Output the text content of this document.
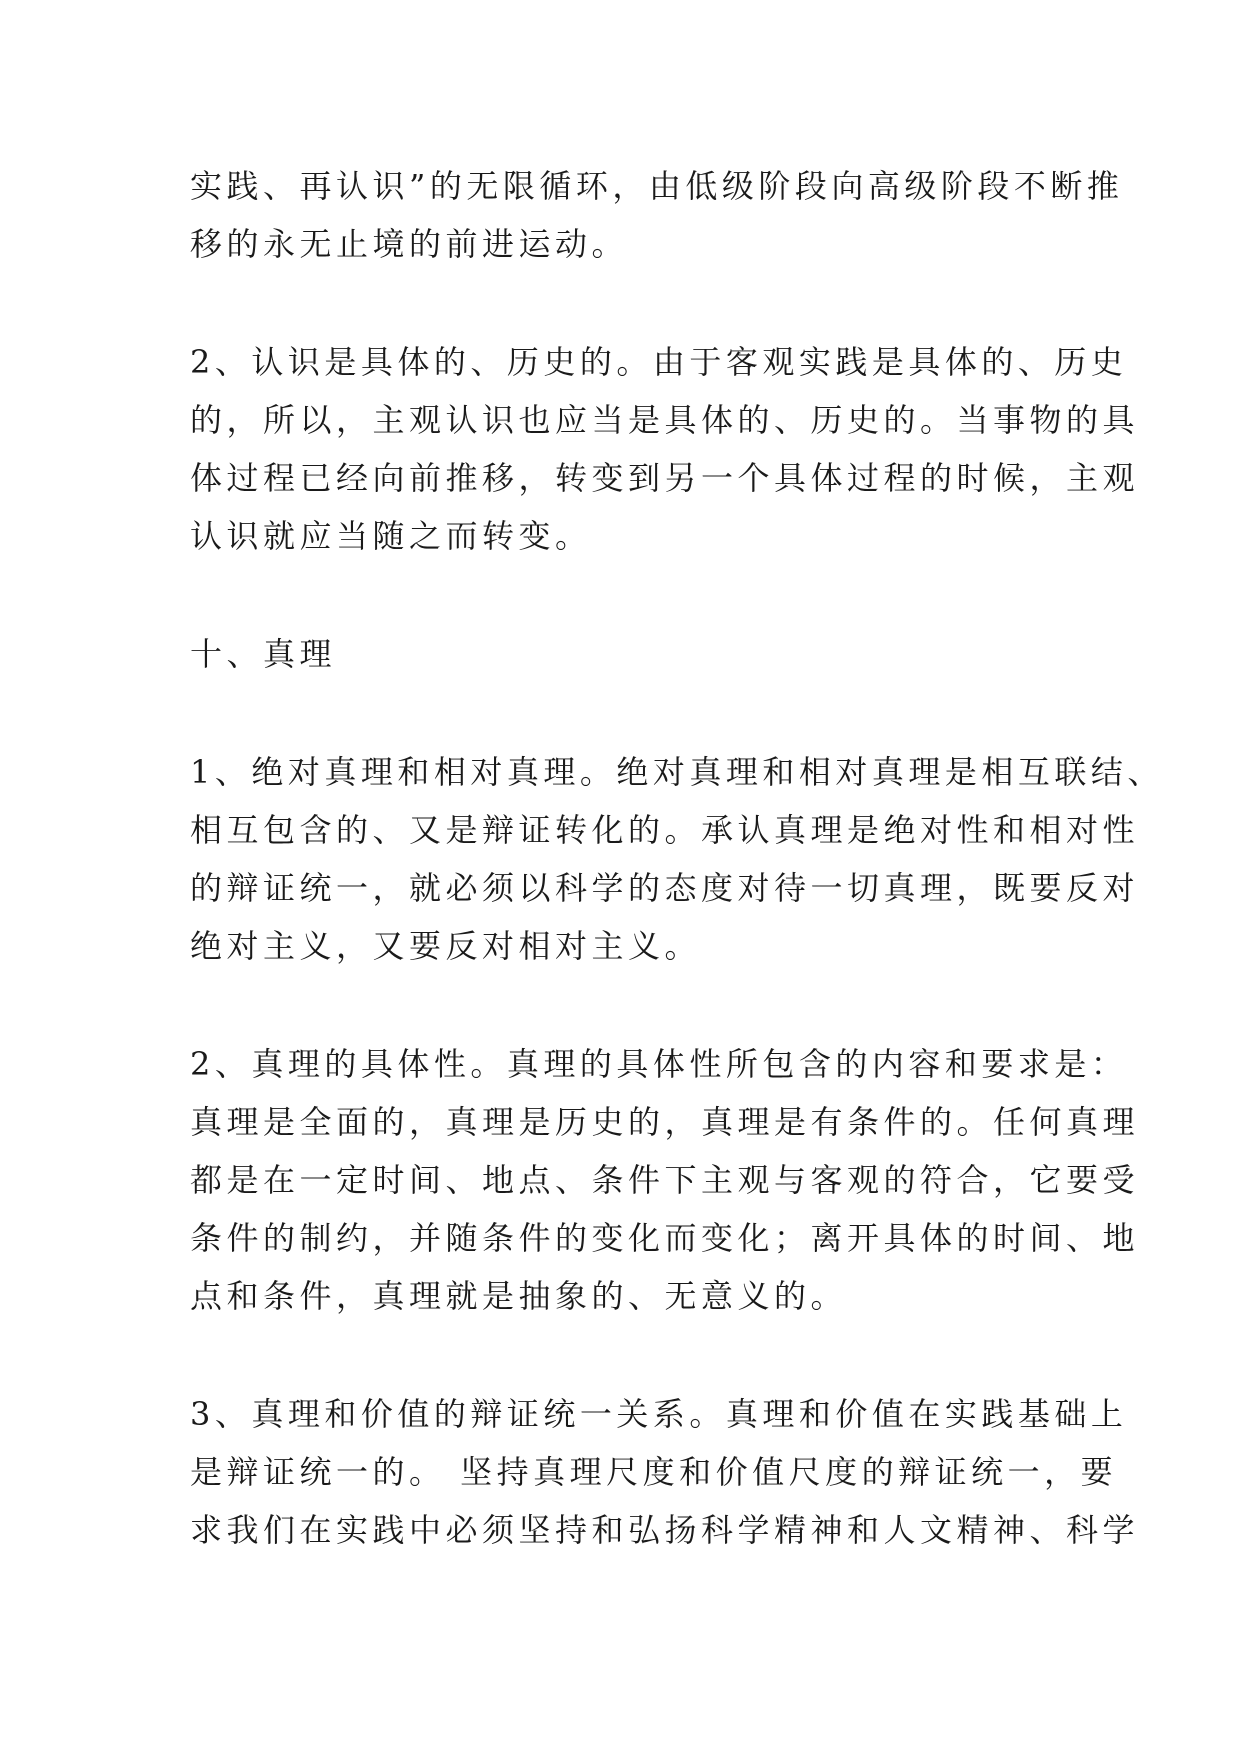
实践、再认识”的无限循环，由低级阶段向高级阶段不断推
移的永无止境的前进运动。
2、认识是具体的、历史的。由于客观实践是具体的、历史
的，所以，主观认识也应当是具体的、历史的。当事物的具
体过程已经向前推移，转变到另一个具体过程的时候，主观
认识就应当随之而转变。
十、真理
1、绝对真理和相对真理。绝对真理和相对真理是相互联结、
相互包含的、又是辩证转化的。承认真理是绝对性和相对性
的辩证统一，就必须以科学的态度对待一切真理，既要反对
绝对主义，又要反对相对主义。
2、真理的具体性。真理的具体性所包含的内容和要求是：
真理是全面的，真理是历史的，真理是有条件的。任何真理
都是在一定时间、地点、条件下主观与客观的符合，它要受
条件的制约，并随条件的变化而变化；离开具体的时间、地
点和条件，真理就是抽象的、无意义的。
3、真理和价值的辩证统一关系。真理和价值在实践基础上
是辩证统一的。 坚持真理尺度和价值尺度的辩证统一，要
求我们在实践中必须坚持和弘扬科学精神和人文精神、科学
